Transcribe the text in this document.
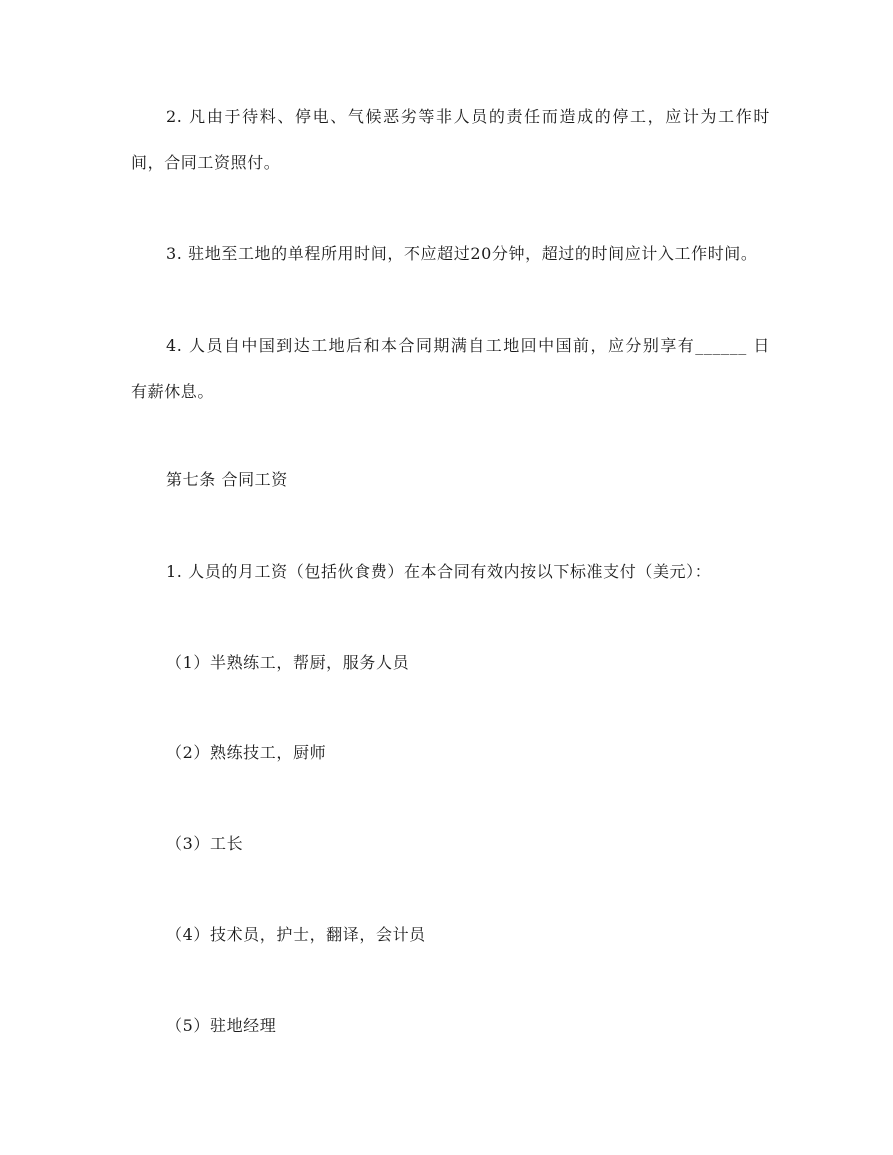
2. 凡由于待料、停电、气候恶劣等非人员的责任而造成的停工，应计为工作时
间，合同工资照付。
3. 驻地至工地的单程所用时间，不应超过20分钟，超过的时间应计入工作时间。
4. 人员自中国到达工地后和本合同期满自工地回中国前，应分别享有______ 日
有薪休息。
第七条 合同工资
1. 人员的月工资（包括伙食费）在本合同有效内按以下标准支付（美元）：
（1）半熟练工，帮厨，服务人员
（2）熟练技工，厨师
（3）工长
（4）技术员，护士，翻译，会计员
（5）驻地经理
